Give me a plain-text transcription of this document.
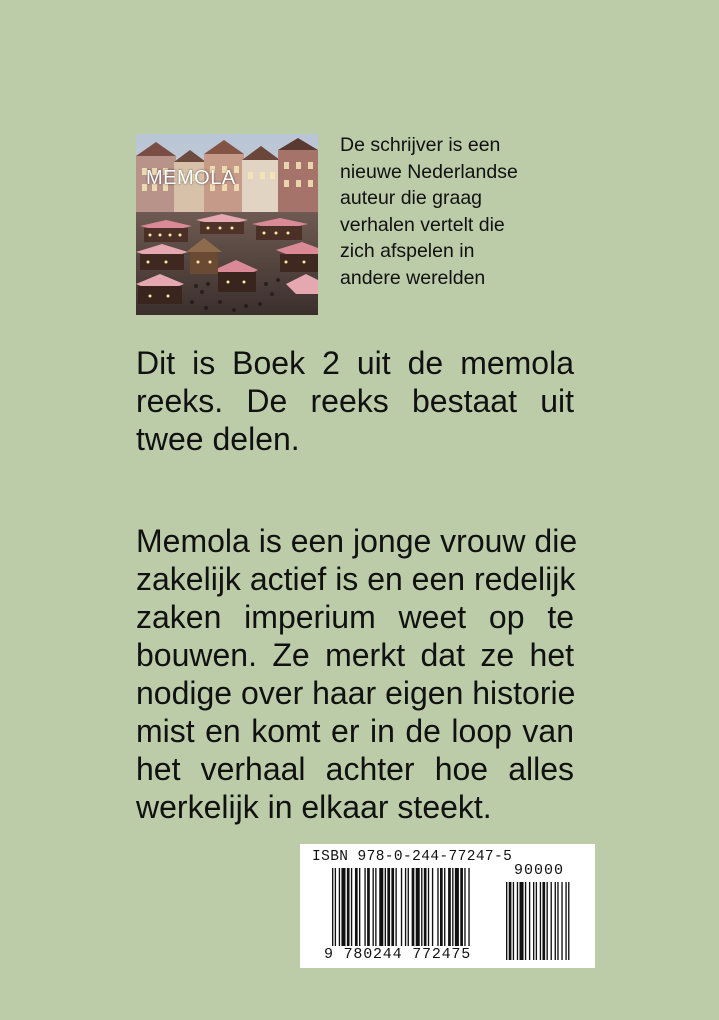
MEMOLA
De schrijver is een
nieuwe Nederlandse
auteur die graag
verhalen vertelt die
zich afspelen in
andere werelden
Dit is Boek 2 uit de memola
reeks. De reeks bestaat uit
twee delen.
Memola is een jonge vrouw die
zakelijk actief is en een redelijk
zaken imperium weet op te
bouwen. Ze merkt dat ze het
nodige over haar eigen historie
mist en komt er in de loop van
het verhaal achter hoe alles
werkelijk in elkaar steekt.
ISBN 978-0-244-77247-5
90000
9 780244 772475
